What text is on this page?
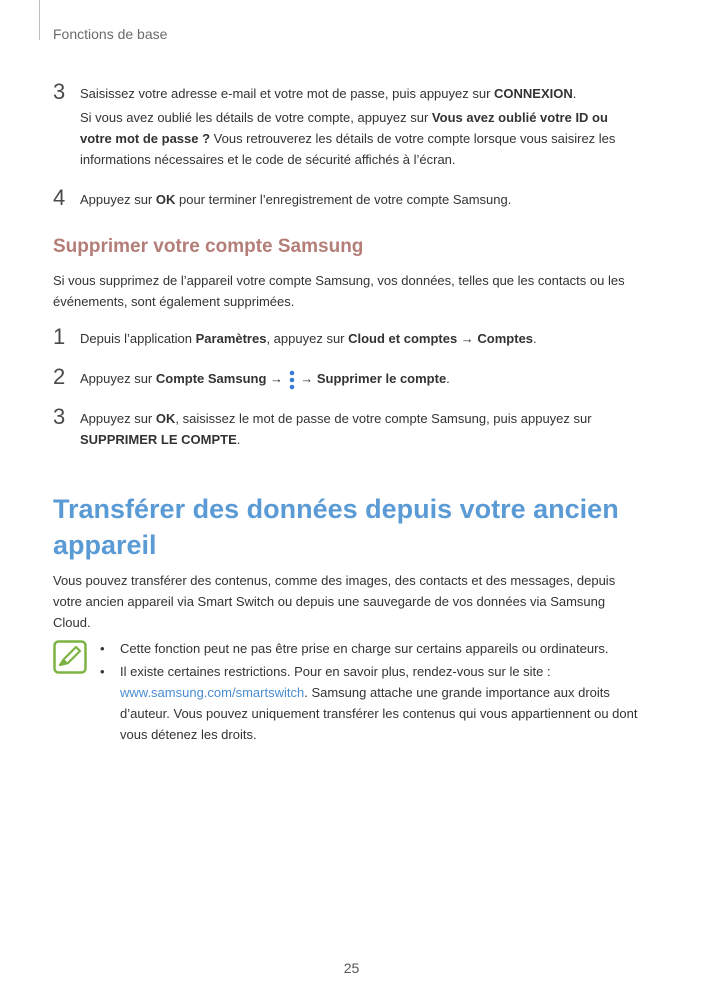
Fonctions de base
3	Saisissez votre adresse e-mail et votre mot de passe, puis appuyez sur CONNEXION.

Si vous avez oublié les détails de votre compte, appuyez sur Vous avez oublié votre ID ou votre mot de passe ? Vous retrouverez les détails de votre compte lorsque vous saisirez les informations nécessaires et le code de sécurité affichés à l’écran.

4	Appuyez sur OK pour terminer l’enregistrement de votre compte Samsung.

Supprimer votre compte Samsung
Si vous supprimez de l’appareil votre compte Samsung, vos données, telles que les contacts ou les événements, sont également supprimées.
1	Depuis l’application Paramètres, appuyez sur Cloud et comptes → Comptes.

2	Appuyez sur Compte Samsung →  → Supprimer le compte.

3	Appuyez sur OK, saisissez le mot de passe de votre compte Samsung, puis appuyez sur SUPPRIMER LE COMPTE.

Transférer des données depuis votre ancien appareil
Vous pouvez transférer des contenus, comme des images, des contacts et des messages, depuis votre ancien appareil via Smart Switch ou depuis une sauvegarde de vos données via Samsung Cloud.
•	Cette fonction peut ne pas être prise en charge sur certains appareils ou ordinateurs.
•	Il existe certaines restrictions. Pour en savoir plus, rendez-vous sur le site : www.samsung.com/smartswitch. Samsung attache une grande importance aux droits d’auteur. Vous pouvez uniquement transférer les contenus qui vous appartiennent ou dont vous détenez les droits.
25
